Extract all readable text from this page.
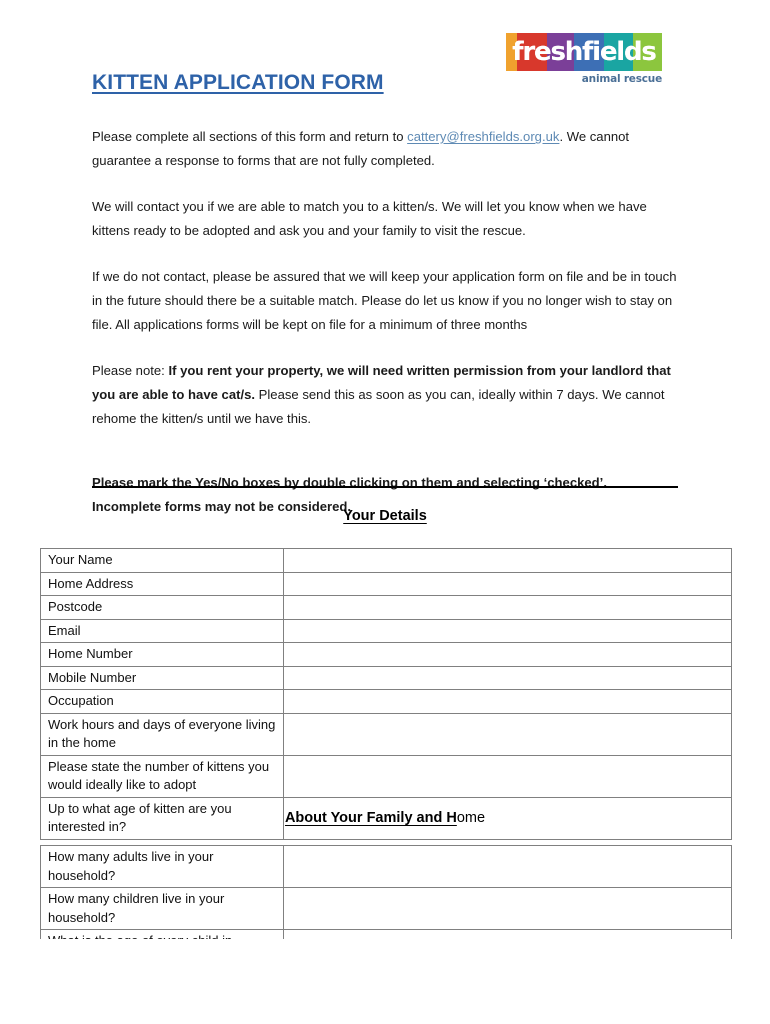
freshfields
animal rescue
KITTEN APPLICATION FORM

Please complete all sections of this form and return to cattery@freshfields.org.uk. We cannot guarantee a response to forms that are not fully completed.

We will contact you if we are able to match you to a kitten/s. We will let you know when we have kittens ready to be adopted and ask you and your family to visit the rescue.

If we do not contact, please be assured that we will keep your application form on file and be in touch in the future should there be a suitable match. Please do let us know if you no longer wish to stay on file. All applications forms will be kept on file for a minimum of three months

Please note: If you rent your property, we will need written permission from your landlord that you are able to have cat/s. Please send this as soon as you can, ideally within 7 days. We cannot rehome the kitten/s until we have this.

Please mark the Yes/No boxes by double clicking on them and selecting ‘checked’. Incomplete forms may not be considered.

Your Details
Your Name	
Home Address	
Postcode	
Email	
Home Number	
Mobile Number	
Occupation	
Work hours and days of everyone living in the home	
Please state the number of kittens you would ideally like to adopt	
Up to what age of kitten are you interested in?	
About Your Family and Home
How many adults live in your household?	
How many children live in your household?	
